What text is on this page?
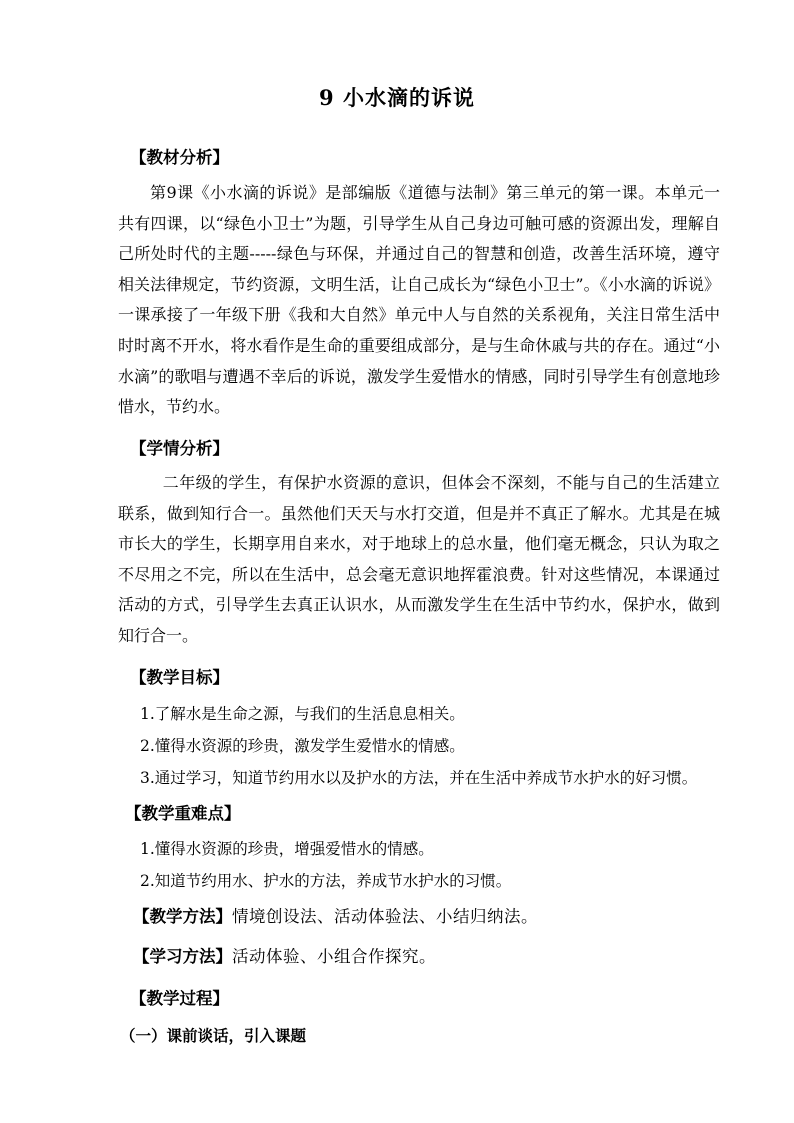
9 小水滴的诉说
【教材分析】
第9课《小水滴的诉说》是部编版《道德与法制》第三单元的第一课。本单元一共有四课，以“绿色小卫士”为题，引导学生从自己身边可触可感的资源出发，理解自己所处时代的主题-----绿色与环保，并通过自己的智慧和创造，改善生活环境，遵守相关法律规定，节约资源，文明生活，让自己成长为“绿色小卫士”。《小水滴的诉说》一课承接了一年级下册《我和大自然》单元中人与自然的关系视角，关注日常生活中时时离不开水，将水看作是生命的重要组成部分，是与生命休戚与共的存在。通过“小水滴”的歌唱与遭遇不幸后的诉说，激发学生爱惜水的情感，同时引导学生有创意地珍惜水，节约水。
【学情分析】
二年级的学生，有保护水资源的意识，但体会不深刻，不能与自己的生活建立联系，做到知行合一。虽然他们天天与水打交道，但是并不真正了解水。尤其是在城市长大的学生，长期享用自来水，对于地球上的总水量，他们毫无概念，只认为取之不尽用之不完，所以在生活中，总会毫无意识地挥霍浪费。针对这些情况，本课通过活动的方式，引导学生去真正认识水，从而激发学生在生活中节约水，保护水，做到知行合一。
【教学目标】
1.了解水是生命之源，与我们的生活息息相关。
2.懂得水资源的珍贵，激发学生爱惜水的情感。
3.通过学习，知道节约用水以及护水的方法，并在生活中养成节水护水的好习惯。
【教学重难点】
1.懂得水资源的珍贵，增强爱惜水的情感。
2.知道节约用水、护水的方法，养成节水护水的习惯。
【教学方法】情境创设法、活动体验法、小结归纳法。
【学习方法】活动体验、小组合作探究。
【教学过程】
（一）课前谈话，引入课题
